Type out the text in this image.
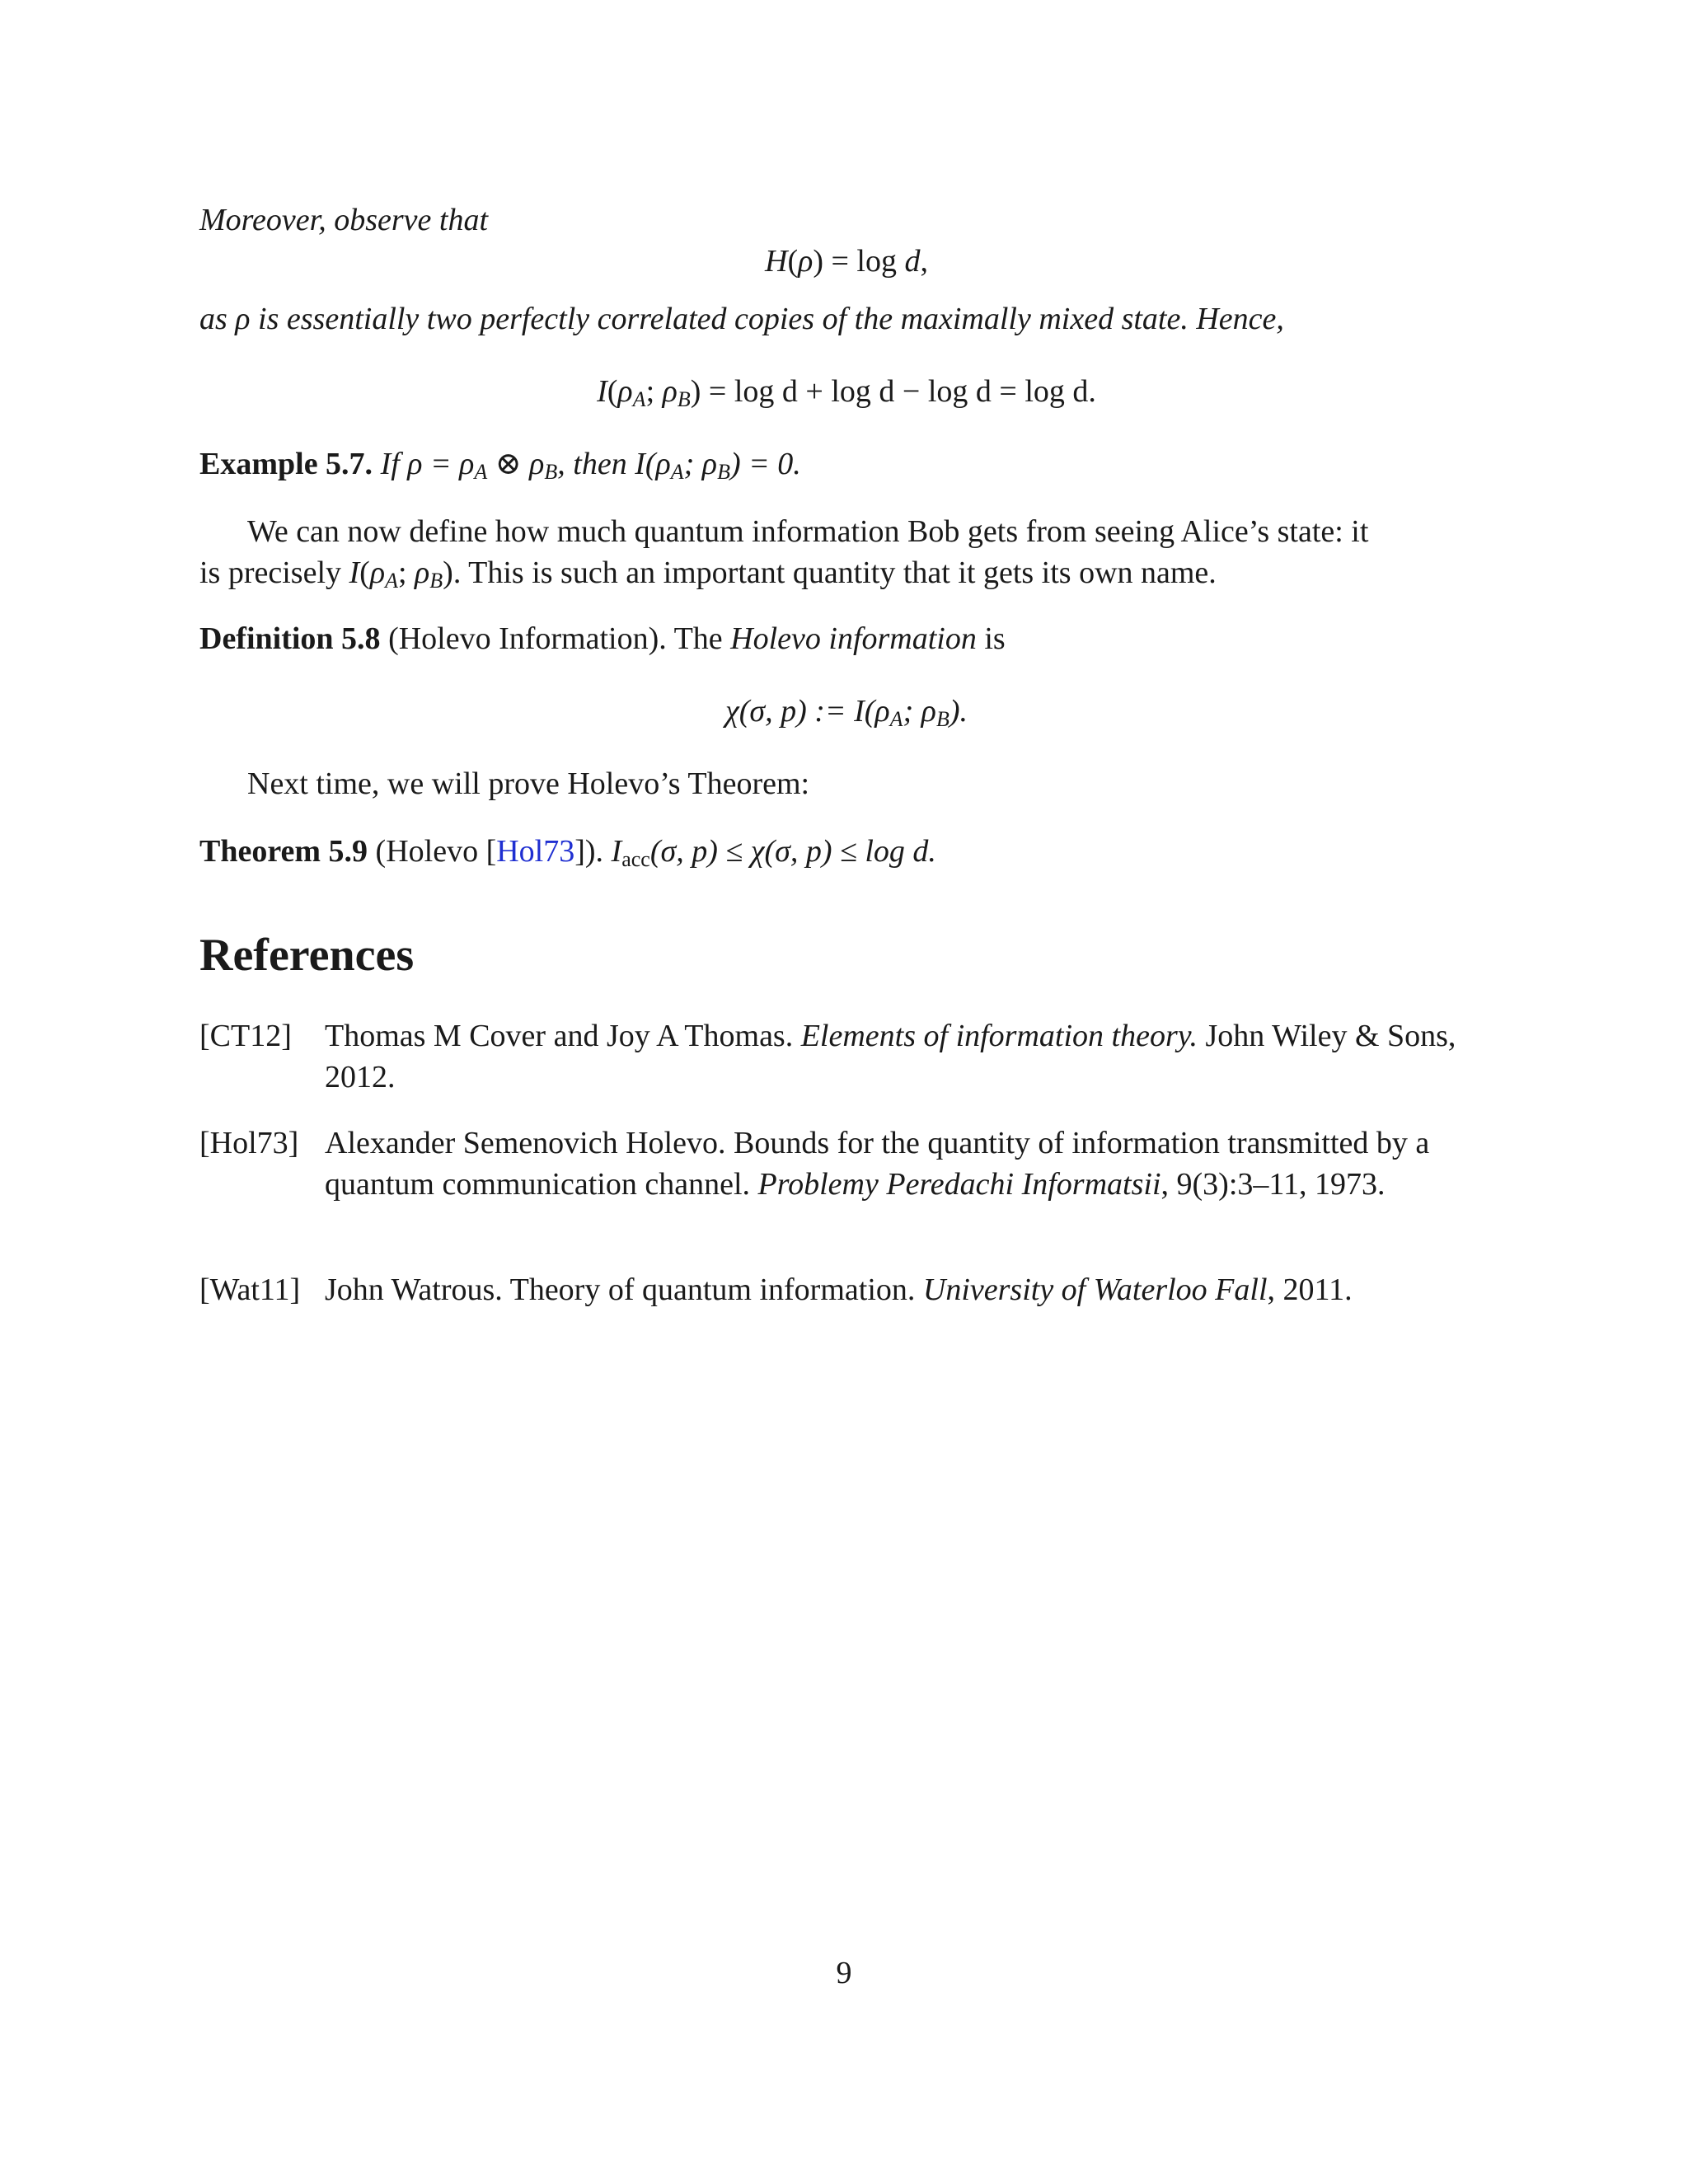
Moreover, observe that
H(ρ) = log d,
as ρ is essentially two perfectly correlated copies of the maximally mixed state. Hence,
$I(\rho_A$; $\rho_B) = \log d + \log d - \log d = \log d$.
Example 5.7. If $\rho = \rho_A$ ⊗ $\rho_B$, then $I(\rho_A$; $\rho_B) = 0$.
We can now define how much quantum information Bob gets from seeing Alice’s state: it
is precisely $I(\rho_A$; $\rho_B$). This is such an important quantity that it gets its own name.
Definition 5.8 (Holevo Information). The Holevo information is
χ(σ, p) := $I(\rho_A$; $\rho_B$).
Next time, we will prove Holevo’s Theorem:
Theorem 5.9 (Holevo [Hol73]). $I_{acc}(\sigma$, p) ≤ χ(σ, p) ≤ log d.
References
[CT12] Thomas M Cover and Joy A Thomas. Elements of information theory. John Wiley & Sons, 2012.
[Hol73] Alexander Semenovich Holevo. Bounds for the quantity of information transmitted by a quantum communication channel. Problemy Peredachi Informatsii, 9(3):3–11, 1973.
[Wat11] John Watrous. Theory of quantum information. University of Waterloo Fall, 2011.
9
